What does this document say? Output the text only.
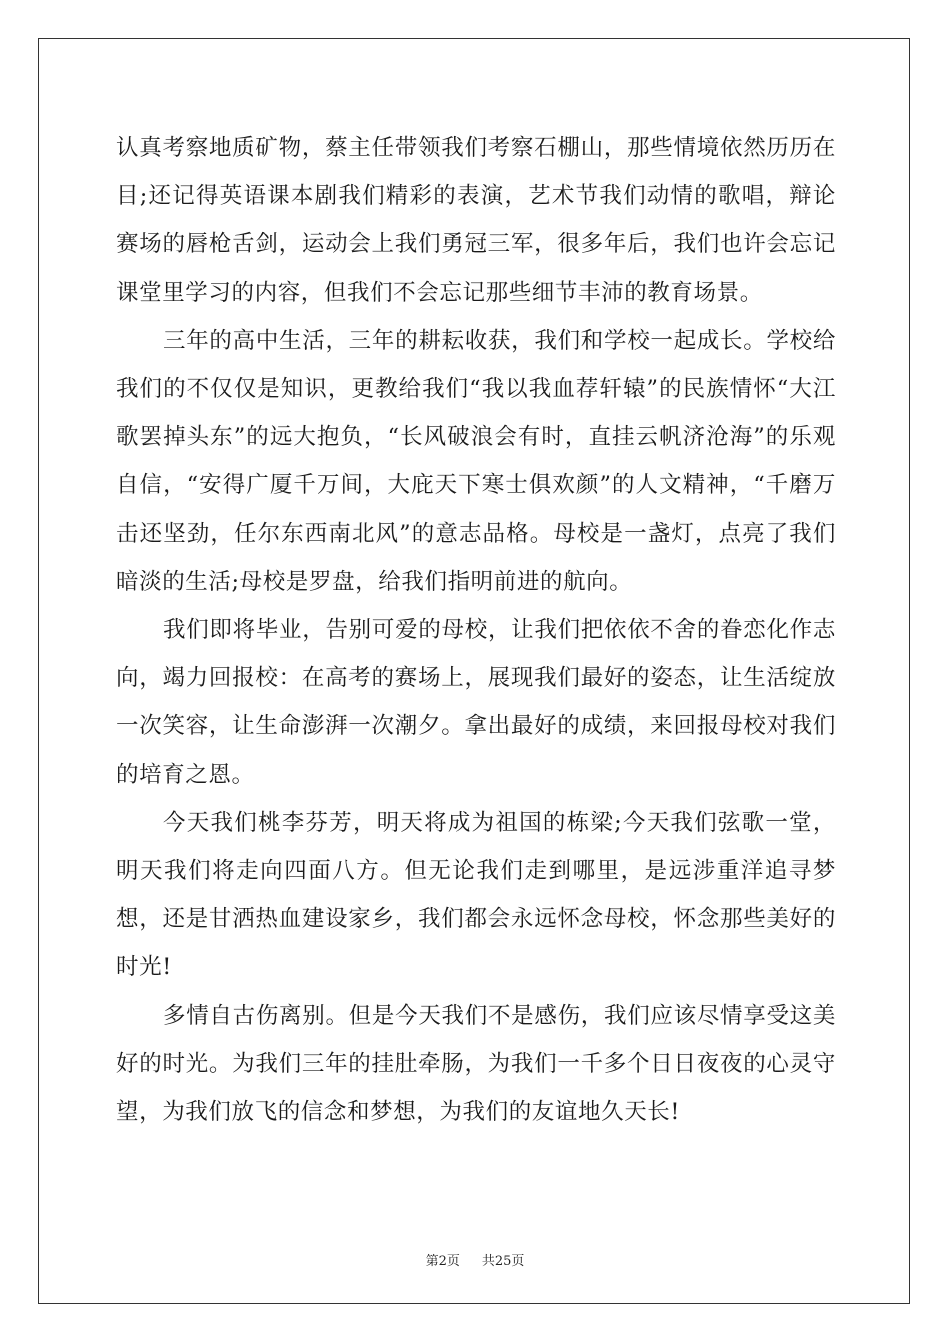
认真考察地质矿物，蔡主任带领我们考察石棚山，那些情境依然历历在目;还记得英语课本剧我们精彩的表演，艺术节我们动情的歌唱，辩论赛场的唇枪舌剑，运动会上我们勇冠三军，很多年后，我们也许会忘记课堂里学习的内容，但我们不会忘记那些细节丰沛的教育场景。

三年的高中生活，三年的耕耘收获，我们和学校一起成长。学校给我们的不仅仅是知识，更教给我们“我以我血荐轩辕”的民族情怀“大江歌罢掉头东”的远大抱负，“长风破浪会有时，直挂云帆济沧海”的乐观自信，“安得广厦千万间，大庇天下寒士俱欢颜”的人文精神，“千磨万击还坚劲，任尔东西南北风”的意志品格。母校是一盏灯，点亮了我们暗淡的生活;母校是罗盘，给我们指明前进的航向。

我们即将毕业，告别可爱的母校，让我们把依依不舍的眷恋化作志向，竭力回报校：在高考的赛场上，展现我们最好的姿态，让生活绽放一次笑容，让生命澎湃一次潮夕。拿出最好的成绩，来回报母校对我们的培育之恩。

今天我们桃李芬芳，明天将成为祖国的栋梁;今天我们弦歌一堂，明天我们将走向四面八方。但无论我们走到哪里，是远涉重洋追寻梦想，还是甘洒热血建设家乡，我们都会永远怀念母校，怀念那些美好的时光!

多情自古伤离别。但是今天我们不是感伤，我们应该尽情享受这美好的时光。为我们三年的挂肚牵肠，为我们一千多个日日夜夜的心灵守望，为我们放飞的信念和梦想，为我们的友谊地久天长!

第2页 共25页
